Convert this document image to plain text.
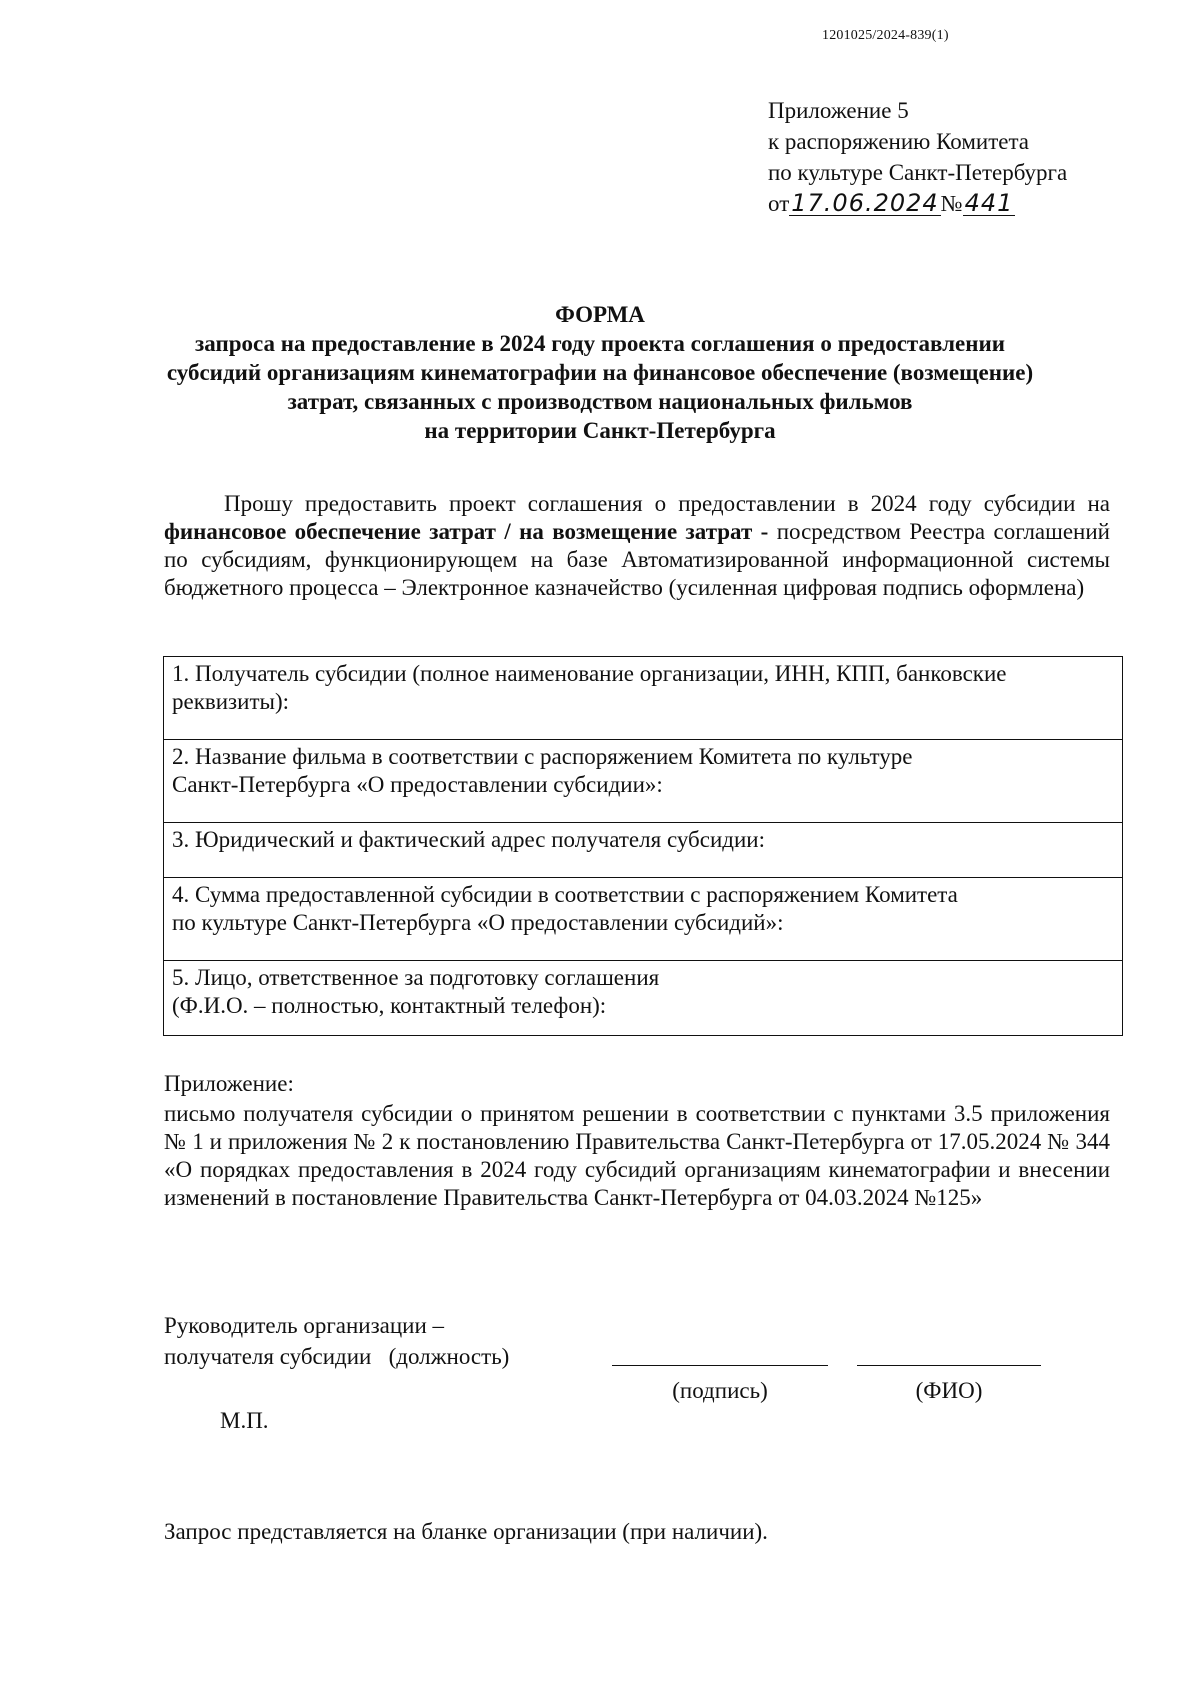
1201025/2024-839(1)
Приложение 5
к распоряжению Комитета
по культуре Санкт-Петербурга
от 17.06.2024 № 441
ФОРМА
запроса на предоставление в 2024 году проекта соглашения о предоставлении
субсидий организациям кинематографии на финансовое обеспечение (возмещение)
затрат, связанных с производством национальных фильмов
на территории Санкт-Петербурга
Прошу предоставить проект соглашения о предоставлении в 2024 году субсидии на финансовое обеспечение затрат / на возмещение затрат - посредством Реестра соглашений по субсидиям, функционирующем на базе Автоматизированной информационной системы бюджетного процесса – Электронное казначейство (усиленная цифровая подпись оформлена)
1. Получатель субсидии (полное наименование организации, ИНН, КПП, банковские реквизиты):

2. Название фильма в соответствии с распоряжением Комитета по культуре
Санкт-Петербурга «О предоставлении субсидии»:

3. Юридический и фактический адрес получателя субсидии:

4. Сумма предоставленной субсидии в соответствии с распоряжением Комитета
по культуре Санкт-Петербурга «О предоставлении субсидий»:

5. Лицо, ответственное за подготовку соглашения
(Ф.И.О. – полностью, контактный телефон):
Приложение:
письмо получателя субсидии о принятом решении в соответствии с пунктами 3.5 приложения № 1 и приложения № 2 к постановлению Правительства Санкт-Петербурга от 17.05.2024 № 344 «О порядках предоставления в 2024 году субсидий организациям кинематографии и внесении изменений в постановление Правительства Санкт-Петербурга от 04.03.2024 №125»
Руководитель организации –
получателя субсидии   (должность)
(подпись)	(ФИО)
М.П.
Запрос представляется на бланке организации (при наличии).
